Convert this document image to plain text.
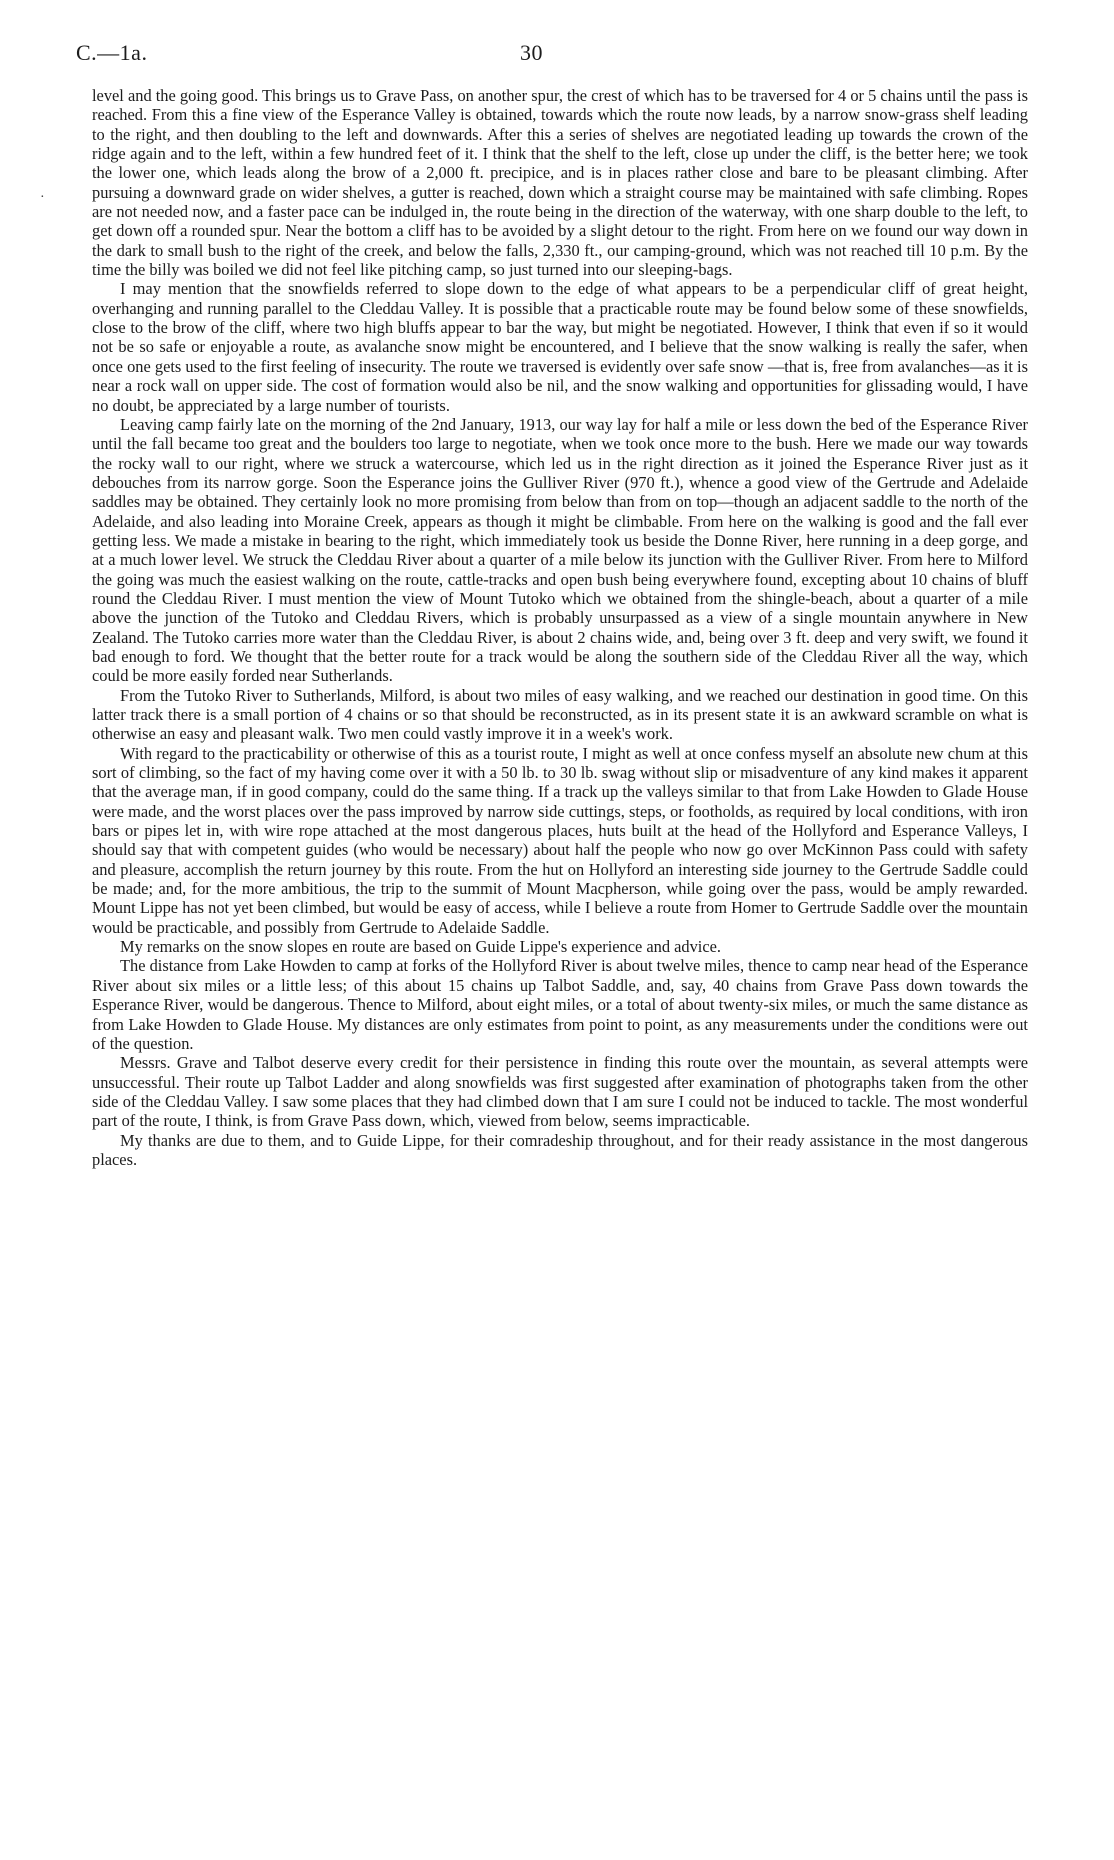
C.—1a.	30
·

level and the going good. This brings us to Grave Pass, on another spur, the crest of which has to be traversed for 4 or 5 chains until the pass is reached. From this a fine view of the Esperance Valley is obtained, towards which the route now leads, by a narrow snow-grass shelf leading to the right, and then doubling to the left and downwards. After this a series of shelves are negotiated leading up towards the crown of the ridge again and to the left, within a few hundred feet of it. I think that the shelf to the left, close up under the cliff, is the better here; we took the lower one, which leads along the brow of a 2,000 ft. precipice, and is in places rather close and bare to be pleasant climbing. After pursuing a downward grade on wider shelves, a gutter is reached, down which a straight course may be maintained with safe climbing. Ropes are not needed now, and a faster pace can be indulged in, the route being in the direction of the waterway, with one sharp double to the left, to get down off a rounded spur. Near the bottom a cliff has to be avoided by a slight detour to the right. From here on we found our way down in the dark to small bush to the right of the creek, and below the falls, 2,330 ft., our camping-ground, which was not reached till 10 p.m. By the time the billy was boiled we did not feel like pitching camp, so just turned into our sleeping-bags.

I may mention that the snowfields referred to slope down to the edge of what appears to be a perpendicular cliff of great height, overhanging and running parallel to the Cleddau Valley. It is possible that a practicable route may be found below some of these snowfields, close to the brow of the cliff, where two high bluffs appear to bar the way, but might be negotiated. However, I think that even if so it would not be so safe or enjoyable a route, as avalanche snow might be encountered, and I believe that the snow walking is really the safer, when once one gets used to the first feeling of insecurity. The route we traversed is evidently over safe snow —that is, free from avalanches—as it is near a rock wall on upper side. The cost of formation would also be nil, and the snow walking and opportunities for glissading would, I have no doubt, be appreciated by a large number of tourists.

Leaving camp fairly late on the morning of the 2nd January, 1913, our way lay for half a mile or less down the bed of the Esperance River until the fall became too great and the boulders too large to negotiate, when we took once more to the bush. Here we made our way towards the rocky wall to our right, where we struck a watercourse, which led us in the right direction as it joined the Esperance River just as it debouches from its narrow gorge. Soon the Esperance joins the Gulliver River (970 ft.), whence a good view of the Gertrude and Adelaide saddles may be obtained. They certainly look no more promising from below than from on top—though an adjacent saddle to the north of the Adelaide, and also leading into Moraine Creek, appears as though it might be climbable. From here on the walking is good and the fall ever getting less. We made a mistake in bearing to the right, which immediately took us beside the Donne River, here running in a deep gorge, and at a much lower level. We struck the Cleddau River about a quarter of a mile below its junction with the Gulliver River. From here to Milford the going was much the easiest walking on the route, cattle-tracks and open bush being everywhere found, excepting about 10 chains of bluff round the Cleddau River. I must mention the view of Mount Tutoko which we obtained from the shingle-beach, about a quarter of a mile above the junction of the Tutoko and Cleddau Rivers, which is probably unsurpassed as a view of a single mountain anywhere in New Zealand. The Tutoko carries more water than the Cleddau River, is about 2 chains wide, and, being over 3 ft. deep and very swift, we found it bad enough to ford. We thought that the better route for a track would be along the southern side of the Cleddau River all the way, which could be more easily forded near Sutherlands.

From the Tutoko River to Sutherlands, Milford, is about two miles of easy walking, and we reached our destination in good time. On this latter track there is a small portion of 4 chains or so that should be reconstructed, as in its present state it is an awkward scramble on what is otherwise an easy and pleasant walk. Two men could vastly improve it in a week's work.

With regard to the practicability or otherwise of this as a tourist route, I might as well at once confess myself an absolute new chum at this sort of climbing, so the fact of my having come over it with a 50 lb. to 30 lb. swag without slip or misadventure of any kind makes it apparent that the average man, if in good company, could do the same thing. If a track up the valleys similar to that from Lake Howden to Glade House were made, and the worst places over the pass improved by narrow side cuttings, steps, or footholds, as required by local conditions, with iron bars or pipes let in, with wire rope attached at the most dangerous places, huts built at the head of the Hollyford and Esperance Valleys, I should say that with competent guides (who would be necessary) about half the people who now go over McKinnon Pass could with safety and pleasure, accomplish the return journey by this route. From the hut on Hollyford an interesting side journey to the Gertrude Saddle could be made; and, for the more ambitious, the trip to the summit of Mount Macpherson, while going over the pass, would be amply rewarded. Mount Lippe has not yet been climbed, but would be easy of access, while I believe a route from Homer to Gertrude Saddle over the mountain would be practicable, and possibly from Gertrude to Adelaide Saddle.

My remarks on the snow slopes en route are based on Guide Lippe's experience and advice.

The distance from Lake Howden to camp at forks of the Hollyford River is about twelve miles, thence to camp near head of the Esperance River about six miles or a little less; of this about 15 chains up Talbot Saddle, and, say, 40 chains from Grave Pass down towards the Esperance River, would be dangerous. Thence to Milford, about eight miles, or a total of about twenty-six miles, or much the same distance as from Lake Howden to Glade House. My distances are only estimates from point to point, as any measurements under the conditions were out of the question.

Messrs. Grave and Talbot deserve every credit for their persistence in finding this route over the mountain, as several attempts were unsuccessful. Their route up Talbot Ladder and along snowfields was first suggested after examination of photographs taken from the other side of the Cleddau Valley. I saw some places that they had climbed down that I am sure I could not be induced to tackle. The most wonderful part of the route, I think, is from Grave Pass down, which, viewed from below, seems impracticable.

My thanks are due to them, and to Guide Lippe, for their comradeship throughout, and for their ready assistance in the most dangerous places.
